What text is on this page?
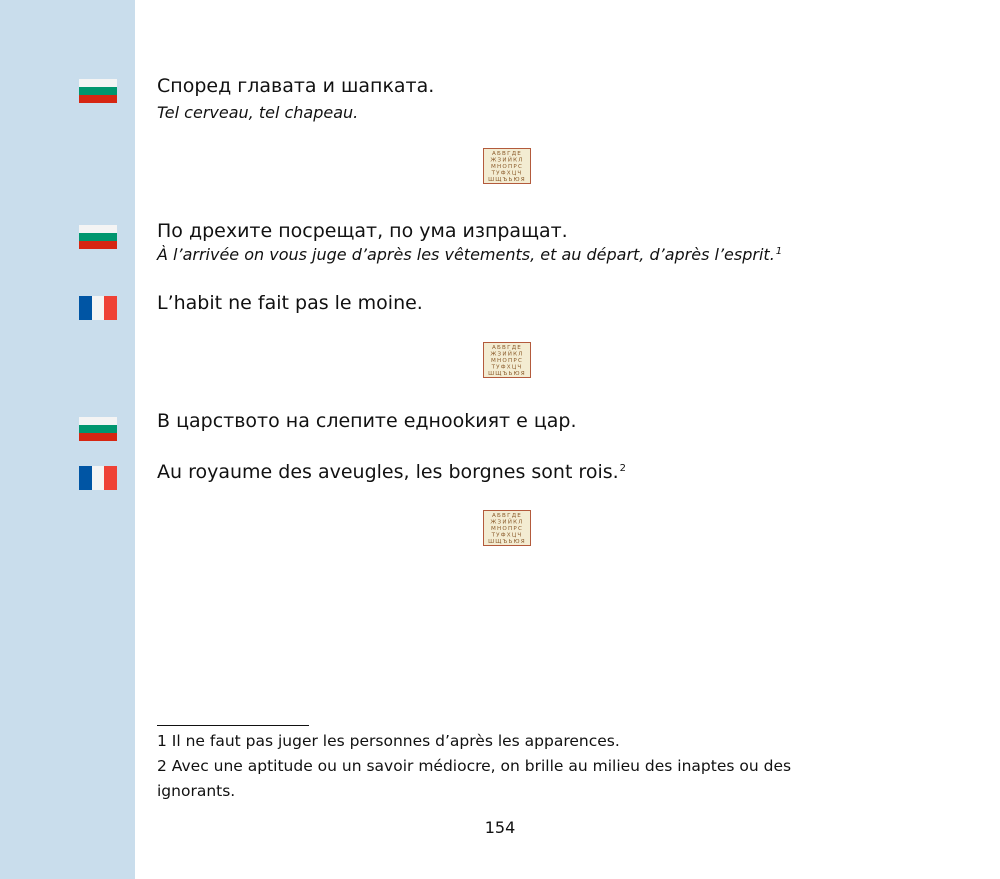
Според главата и шапката.
Tel cerveau, tel chapeau.
АБВГДЕ
ЖЗИЙКЛ
МНОПРС
ТУФХЦЧ
ШЩЪЬЮЯ
По дрехите посрещат, по ума изпращат.
À l’arrivée on vous juge d’après les vêtements, et au départ, d’après l’esprit.$^1$
L’habit ne fait pas le moine.
АБВГДЕ
ЖЗИЙКЛ
МНОПРС
ТУФХЦЧ
ШЩЪЬЮЯ
В царството на слепите еднookият е цар.
Au royaume des aveugles, les borgnes sont rois.$^2$
АБВГДЕ
ЖЗИЙКЛ
МНОПРС
ТУФХЦЧ
ШЩЪЬЮЯ
1 Il ne faut pas juger les personnes d’après les apparences.
2 Avec une aptitude ou un savoir médiocre, on brille au milieu des inaptes ou des ignorants.
154
